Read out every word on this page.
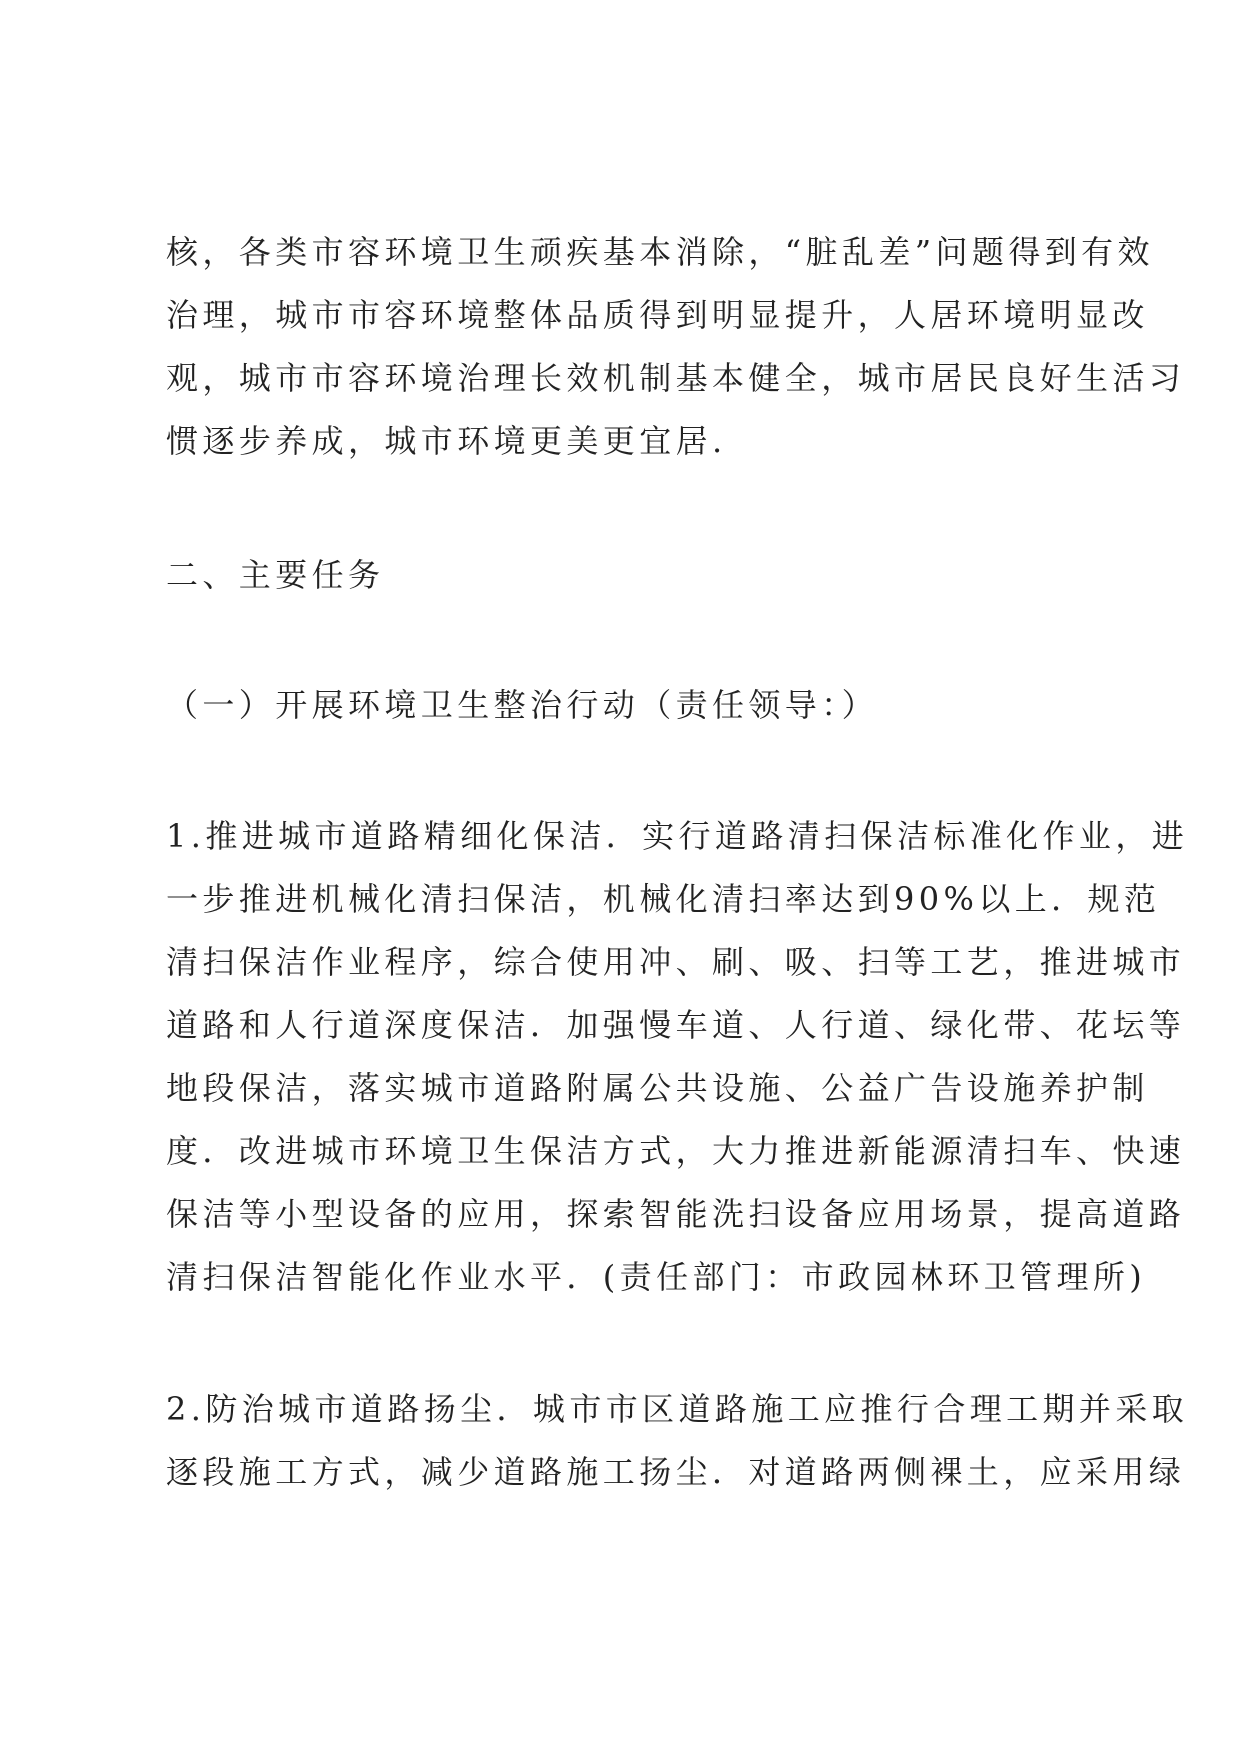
核，各类市容环境卫生顽疾基本消除，“脏乱差”问题得到有效
治理，城市市容环境整体品质得到明显提升，人居环境明显改
观，城市市容环境治理长效机制基本健全，城市居民良好生活习
惯逐步养成，城市环境更美更宜居.
二、主要任务
（一）开展环境卫生整治行动（责任领导：）
1.推进城市道路精细化保洁．实行道路清扫保洁标准化作业，进
一步推进机械化清扫保洁，机械化清扫率达到90%以上．规范
清扫保洁作业程序，综合使用冲、刷、吸、扫等工艺，推进城市
道路和人行道深度保洁．加强慢车道、人行道、绿化带、花坛等
地段保洁，落实城市道路附属公共设施、公益广告设施养护制
度．改进城市环境卫生保洁方式，大力推进新能源清扫车、快速
保洁等小型设备的应用，探索智能洗扫设备应用场景，提高道路
清扫保洁智能化作业水平．(责任部门：市政园林环卫管理所)
2.防治城市道路扬尘．城市市区道路施工应推行合理工期并采取
逐段施工方式，减少道路施工扬尘．对道路两侧裸土，应采用绿
